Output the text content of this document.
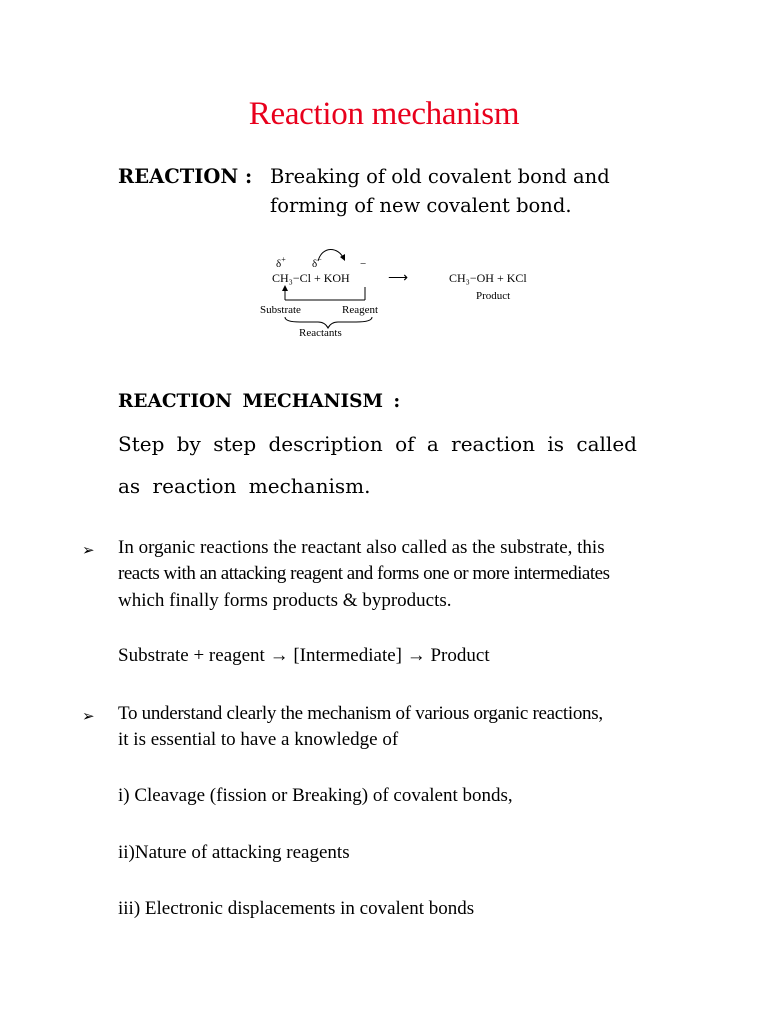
Reaction mechanism
REACTION : Breaking of old covalent bond and
forming of new covalent bond.
δ+ δ−	−
CH₃−Cl + KOH	⟶	CH₃−OH + KCl
Product
Substrate	Reagent
Reactants
REACTION MECHANISM :
Step by step description of a reaction is called
as reaction mechanism.
➢ In organic reactions the reactant also called as the substrate, this
reacts with an attacking reagent and forms one or more intermediates
which finally forms products & byproducts.
Substrate + reagent → [Intermediate] → Product
➢ To understand clearly the mechanism of various organic reactions,
it is essential to have a knowledge of
i) Cleavage (fission or Breaking) of covalent bonds,
ii)Nature of attacking reagents
iii) Electronic displacements in covalent bonds
